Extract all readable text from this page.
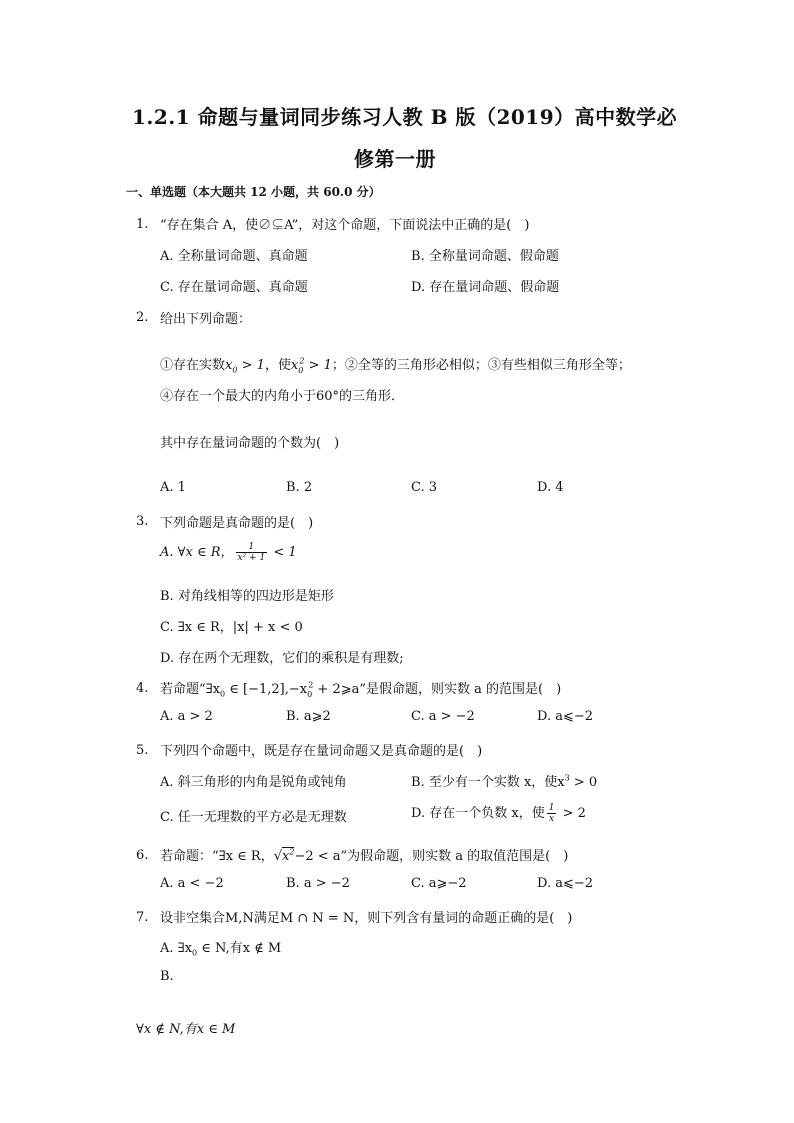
1.2.1 命题与量词同步练习人教 B 版（2019）高中数学必
修第一册
一、单选题（本大题共 12 小题，共 60.0 分）
1. “存在集合 A，使∅⊊A”，对这个命题，下面说法中正确的是(　)
A. 全称量词命题、真命题	B. 全称量词命题、假命题
C. 存在量词命题、真命题	D. 存在量词命题、假命题
2. 给出下列命题：
①存在实数$x_0 > 1$，使$x_0^2 > 1$；②全等的三角形必相似；③有些相似三角形全等；
④存在一个最大的内角小于60°的三角形．
其中存在量词命题的个数为(　)
A. 1	B. 2	C. 3	D. 4
3. 下列命题是真命题的是(　)
A. ∀x ∈ R， $\frac{1}{\text{x² + 1}} < 1$
B. 对角线相等的四边形是矩形
C. ∃x ∈ R，|x| + x < 0
D. 存在两个无理数，它们的乘积是有理数;
4. 若命题“$\exists x_0$ ∈ $[-1,2],-x_0^2$ + 2⩾a”是假命题，则实数 a 的范围是(　)
A. a > 2	B. a⩾2	C. a > −2	D. a⩽−2
5. 下列四个命题中，既是存在量词命题又是真命题的是(　)
A. 斜三角形的内角是锐角或钝角	B. 至少有一个实数 x，使$x^3 > 0$
C. 任一无理数的平方必是无理数	D. 存在一个负数 x，使 $\frac{1}{x} > 2$
6. 若命题：“∃x ∈ R，$√x^2-2 < a$”为假命题，则实数 a 的取值范围是(　)
A. a < −2	B. a > −2	C. a⩾−2	D. a⩽−2
7. 设非空集合M,N满足M ∩ N = N，则下列含有量词的命题正确的是(　)
A. $\exists x_0$ ∈ N,有x ∉ M
B.
∀x ∉ N,有x ∈ M
